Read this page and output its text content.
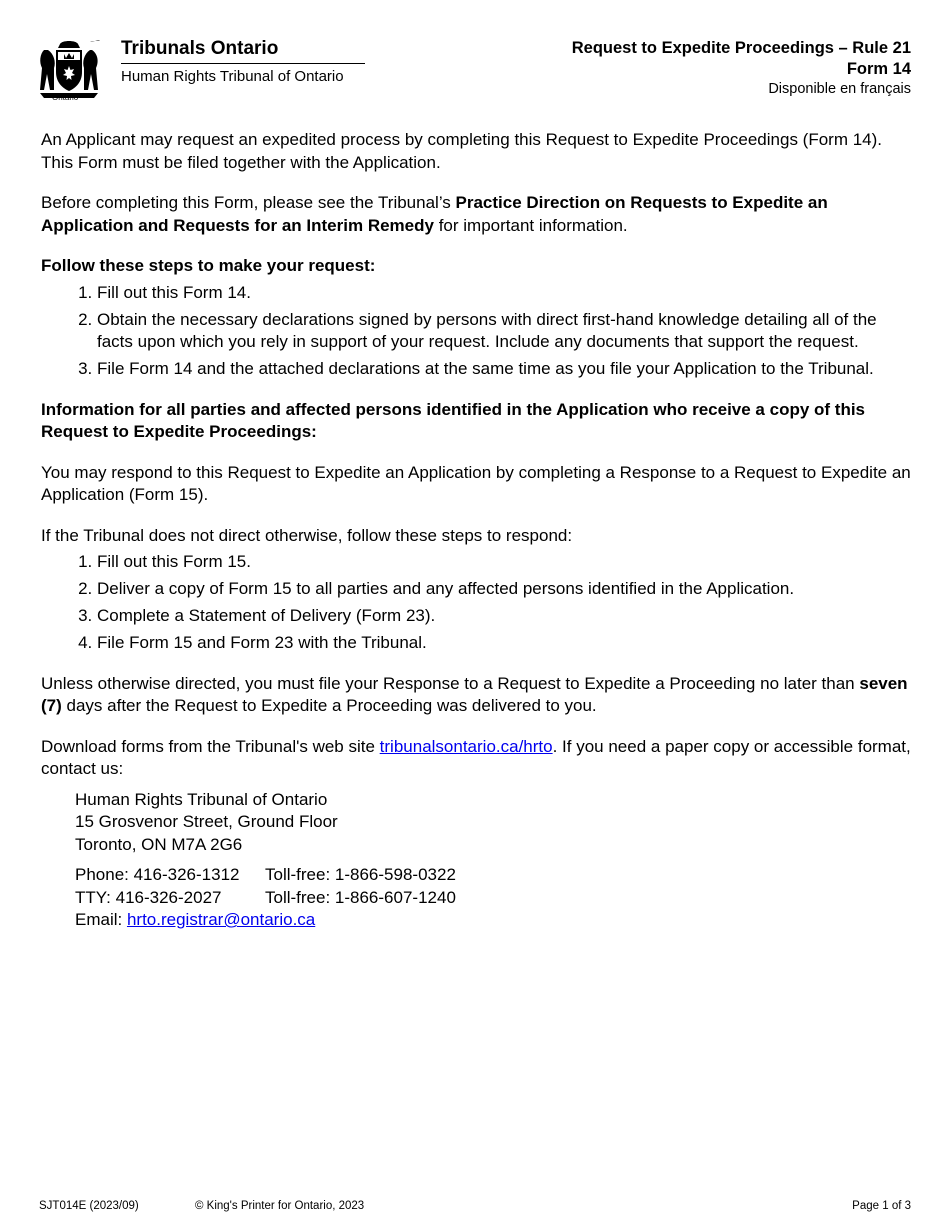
Ontario
Tribunals Ontario
Human Rights Tribunal of Ontario
Request to Expedite Proceedings – Rule 21
Form 14
Disponible en français

An Applicant may request an expedited process by completing this Request to Expedite Proceedings (Form 14). This Form must be filed together with the Application.

Before completing this Form, please see the Tribunal’s Practice Direction on Requests to Expedite an Application and Requests for an Interim Remedy for important information.

Follow these steps to make your request:

1. Fill out this Form 14.
2. Obtain the necessary declarations signed by persons with direct first-hand knowledge detailing all of the facts upon which you rely in support of your request. Include any documents that support the request.
3. File Form 14 and the attached declarations at the same time as you file your Application to the Tribunal.

Information for all parties and affected persons identified in the Application who receive a copy of this Request to Expedite Proceedings:

You may respond to this Request to Expedite an Application by completing a Response to a Request to Expedite an Application (Form 15).

If the Tribunal does not direct otherwise, follow these steps to respond:

1. Fill out this Form 15.
2. Deliver a copy of Form 15 to all parties and any affected persons identified in the Application.
3. Complete a Statement of Delivery (Form 23).
4. File Form 15 and Form 23 with the Tribunal.

Unless otherwise directed, you must file your Response to a Request to Expedite a Proceeding no later than seven (7) days after the Request to Expedite a Proceeding was delivered to you.

Download forms from the Tribunal's web site tribunalsontario.ca/hrto. If you need a paper copy or accessible format, contact us:

Human Rights Tribunal of Ontario
15 Grosvenor Street, Ground Floor
Toronto, ON M7A 2G6
Phone: 416-326-1312	Toll-free: 1-866-598-0322
TTY: 416-326-2027	Toll-free: 1-866-607-1240
Email: hrto.registrar@ontario.ca
SJT014E (2023/09)	© King's Printer for Ontario, 2023	Page 1 of 3
